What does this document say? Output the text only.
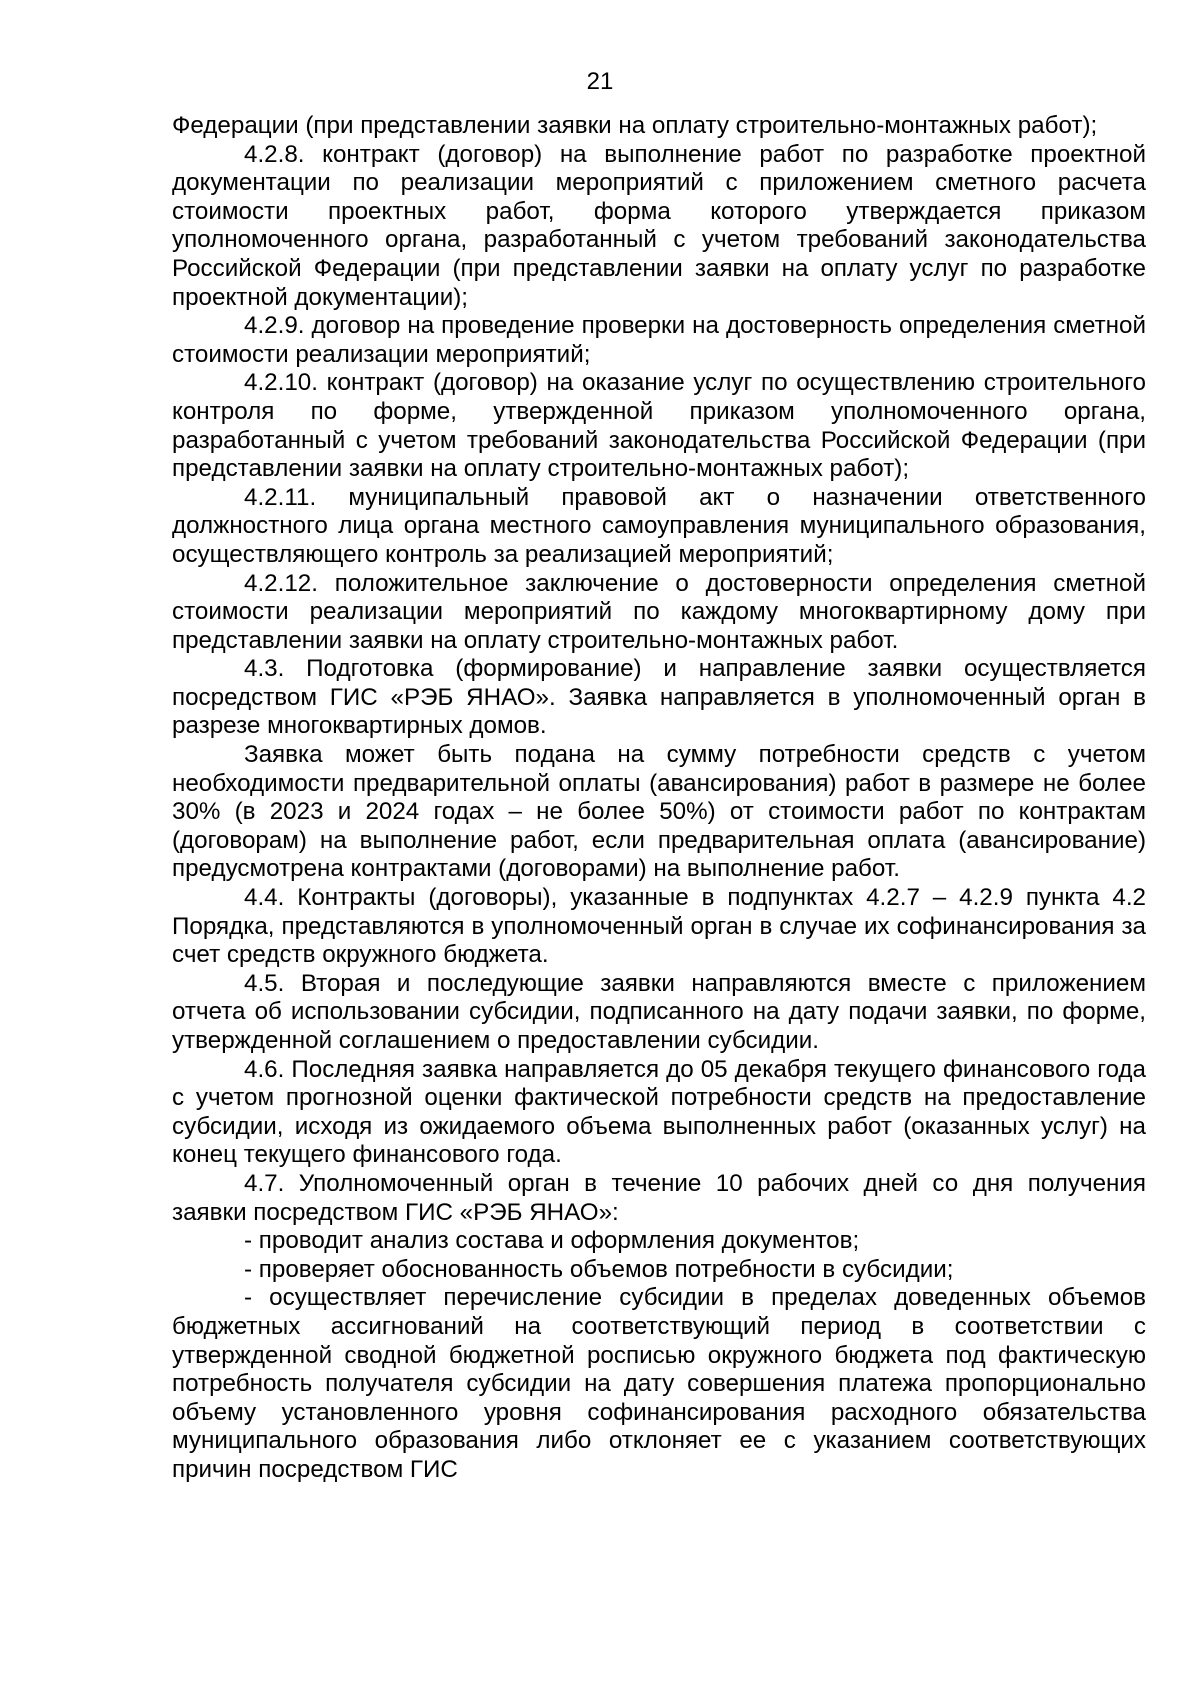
21

Федерации (при представлении заявки на оплату строительно-монтажных работ);

4.2.8. контракт (договор) на выполнение работ по разработке проектной документации по реализации мероприятий с приложением сметного расчета стоимости проектных работ, форма которого утверждается приказом уполномоченного органа, разработанный с учетом требований законодательства Российской Федерации (при представлении заявки на оплату услуг по разработке проектной документации);

4.2.9. договор на проведение проверки на достоверность определения сметной стоимости реализации мероприятий;

4.2.10. контракт (договор) на оказание услуг по осуществлению строительного контроля по форме, утвержденной приказом уполномоченного органа, разработанный с учетом требований законодательства Российской Федерации (при представлении заявки на оплату строительно-монтажных работ);

4.2.11. муниципальный правовой акт о назначении ответственного должностного лица органа местного самоуправления муниципального образования, осуществляющего контроль за реализацией мероприятий;

4.2.12. положительное заключение о достоверности определения сметной стоимости реализации мероприятий по каждому многоквартирному дому при представлении заявки на оплату строительно-монтажных работ.

4.3. Подготовка (формирование) и направление заявки осуществляется посредством ГИС «РЭБ ЯНАО». Заявка направляется в уполномоченный орган в разрезе многоквартирных домов.

Заявка может быть подана на сумму потребности средств с учетом необходимости предварительной оплаты (авансирования) работ в размере не более 30% (в 2023 и 2024 годах – не более 50%) от стоимости работ по контрактам (договорам) на выполнение работ, если предварительная оплата (авансирование) предусмотрена контрактами (договорами) на выполнение работ.

4.4. Контракты (договоры), указанные в подпунктах 4.2.7 – 4.2.9 пункта 4.2 Порядка, представляются в уполномоченный орган в случае их софинансирования за счет средств окружного бюджета.

4.5. Вторая и последующие заявки направляются вместе с приложением отчета об использовании субсидии, подписанного на дату подачи заявки, по форме, утвержденной соглашением о предоставлении субсидии.

4.6. Последняя заявка направляется до 05 декабря текущего финансового года с учетом прогнозной оценки фактической потребности средств на предоставление субсидии, исходя из ожидаемого объема выполненных работ (оказанных услуг) на конец текущего финансового года.

4.7. Уполномоченный орган в течение 10 рабочих дней со дня получения заявки посредством ГИС «РЭБ ЯНАО»:

- проводит анализ состава и оформления документов;

- проверяет обоснованность объемов потребности в субсидии;

- осуществляет перечисление субсидии в пределах доведенных объемов бюджетных ассигнований на соответствующий период в соответствии с утвержденной сводной бюджетной росписью окружного бюджета под фактическую потребность получателя субсидии на дату совершения платежа пропорционально объему установленного уровня софинансирования расходного обязательства муниципального образования либо отклоняет ее с указанием соответствующих причин посредством ГИС
